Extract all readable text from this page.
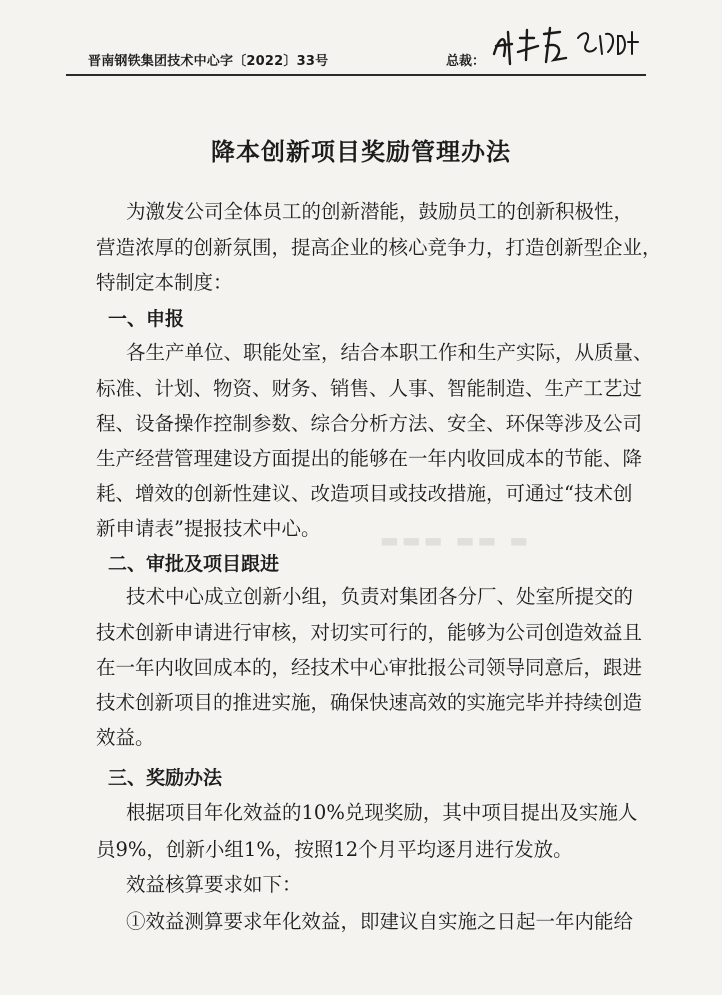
晋南钢铁集团技术中心字〔2022〕33号	总裁：
降本创新项目奖励管理办法
为激发公司全体员工的创新潜能，鼓励员工的创新积极性，
营造浓厚的创新氛围，提高企业的核心竞争力，打造创新型企业，
特制定本制度：
一、申报
各生产单位、职能处室，结合本职工作和生产实际，从质量、
标准、计划、物资、财务、销售、人事、智能制造、生产工艺过
程、设备操作控制参数、综合分析方法、安全、环保等涉及公司
生产经营管理建设方面提出的能够在一年内收回成本的节能、降
耗、增效的创新性建议、改造项目或技改措施，可通过“技术创
新申请表”提报技术中心。	▬▬▬ ▬▬ ▬
二、审批及项目跟进
技术中心成立创新小组，负责对集团各分厂、处室所提交的
技术创新申请进行审核，对切实可行的，能够为公司创造效益且
在一年内收回成本的，经技术中心审批报公司领导同意后，跟进
技术创新项目的推进实施，确保快速高效的实施完毕并持续创造
效益。
三、奖励办法
根据项目年化效益的10%兑现奖励，其中项目提出及实施人
员9%，创新小组1%，按照12个月平均逐月进行发放。
效益核算要求如下：
①效益测算要求年化效益，即建议自实施之日起一年内能给
